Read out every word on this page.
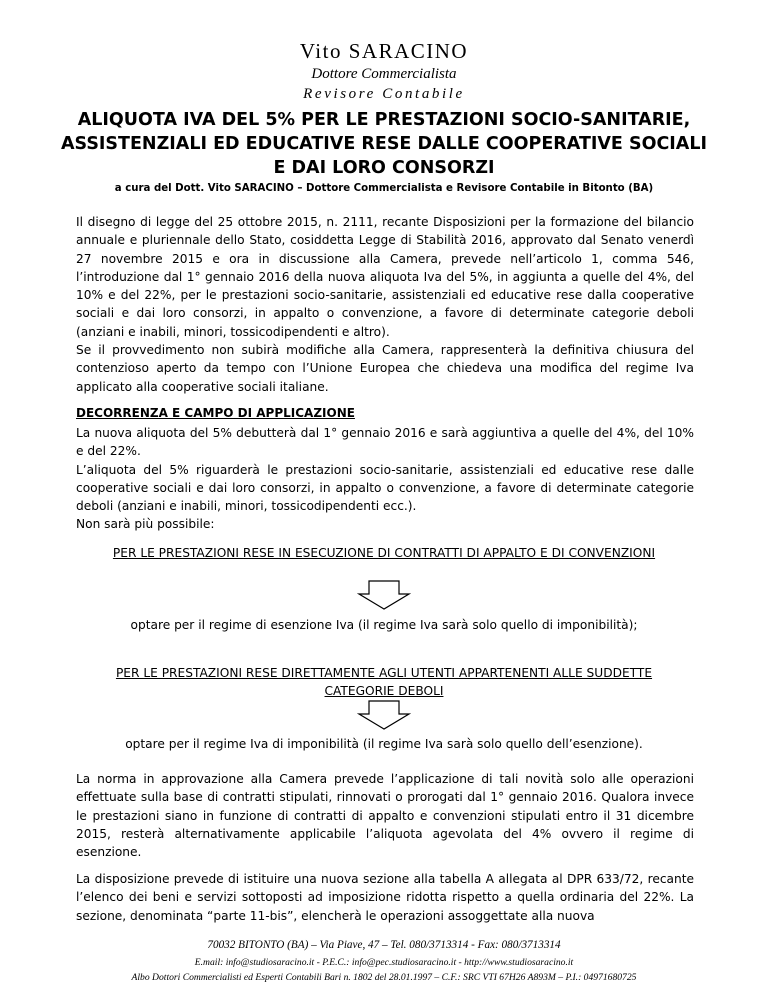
Vito SARACINO
Dottore Commercialista
Revisore Contabile
ALIQUOTA IVA DEL 5% PER LE PRESTAZIONI SOCIO-SANITARIE, ASSISTENZIALI ED EDUCATIVE RESE DALLE COOPERATIVE SOCIALI E DAI LORO CONSORZI
a cura del Dott. Vito SARACINO – Dottore Commercialista e Revisore Contabile in Bitonto (BA)
Il disegno di legge del 25 ottobre 2015, n. 2111, recante Disposizioni per la formazione del bilancio annuale e pluriennale dello Stato, cosiddetta Legge di Stabilità 2016, approvato dal Senato venerdì 27 novembre 2015 e ora in discussione alla Camera, prevede nell’articolo 1, comma 546, l’introduzione dal 1° gennaio 2016 della nuova aliquota Iva del 5%, in aggiunta a quelle del 4%, del 10% e del 22%, per le prestazioni socio-sanitarie, assistenziali ed educative rese dalla cooperative sociali e dai loro consorzi, in appalto o convenzione, a favore di determinate categorie deboli (anziani e inabili, minori, tossicodipendenti e altro).
Se il provvedimento non subirà modifiche alla Camera, rappresenterà la definitiva chiusura del contenzioso aperto da tempo con l’Unione Europea che chiedeva una modifica del regime Iva applicato alla cooperative sociali italiane.
DECORRENZA E CAMPO DI APPLICAZIONE
La nuova aliquota del 5% debutterà dal 1° gennaio 2016 e sarà aggiuntiva a quelle del 4%, del 10% e del 22%.
L’aliquota del 5% riguarderà le prestazioni socio-sanitarie, assistenziali ed educative rese dalle cooperative sociali e dai loro consorzi, in appalto o convenzione, a favore di determinate categorie deboli (anziani e inabili, minori, tossicodipendenti ecc.).
Non sarà più possibile:
PER LE PRESTAZIONI RESE IN ESECUZIONE DI CONTRATTI DI APPALTO E DI CONVENZIONI
optare per il regime di esenzione Iva (il regime Iva sarà solo quello di imponibilità);
PER LE PRESTAZIONI RESE DIRETTAMENTE AGLI UTENTI APPARTENENTI ALLE SUDDETTE CATEGORIE DEBOLI
optare per il regime Iva di imponibilità (il regime Iva sarà solo quello dell’esenzione).
La norma in approvazione alla Camera prevede l’applicazione di tali novità solo alle operazioni effettuate sulla base di contratti stipulati, rinnovati o prorogati dal 1° gennaio 2016. Qualora invece le prestazioni siano in funzione di contratti di appalto e convenzioni stipulati entro il 31 dicembre 2015, resterà alternativamente applicabile l’aliquota agevolata del 4% ovvero il regime di esenzione.
La disposizione prevede di istituire una nuova sezione alla tabella A allegata al DPR 633/72, recante l’elenco dei beni e servizi sottoposti ad imposizione ridotta rispetto a quella ordinaria del 22%. La sezione, denominata “parte 11-bis”, elencherà le operazioni assoggettate alla nuova
70032 BITONTO (BA) – Via Piave, 47 – Tel. 080/3713314 - Fax: 080/3713314
E.mail: info@studiosaracino.it - P.E.C.: info@pec.studiosaracino.it - http://www.studiosaracino.it
Albo Dottori Commercialisti ed Esperti Contabili Bari n. 1802 del 28.01.1997 – C.F.: SRC VTI 67H26 A893M – P.I.: 04971680725
